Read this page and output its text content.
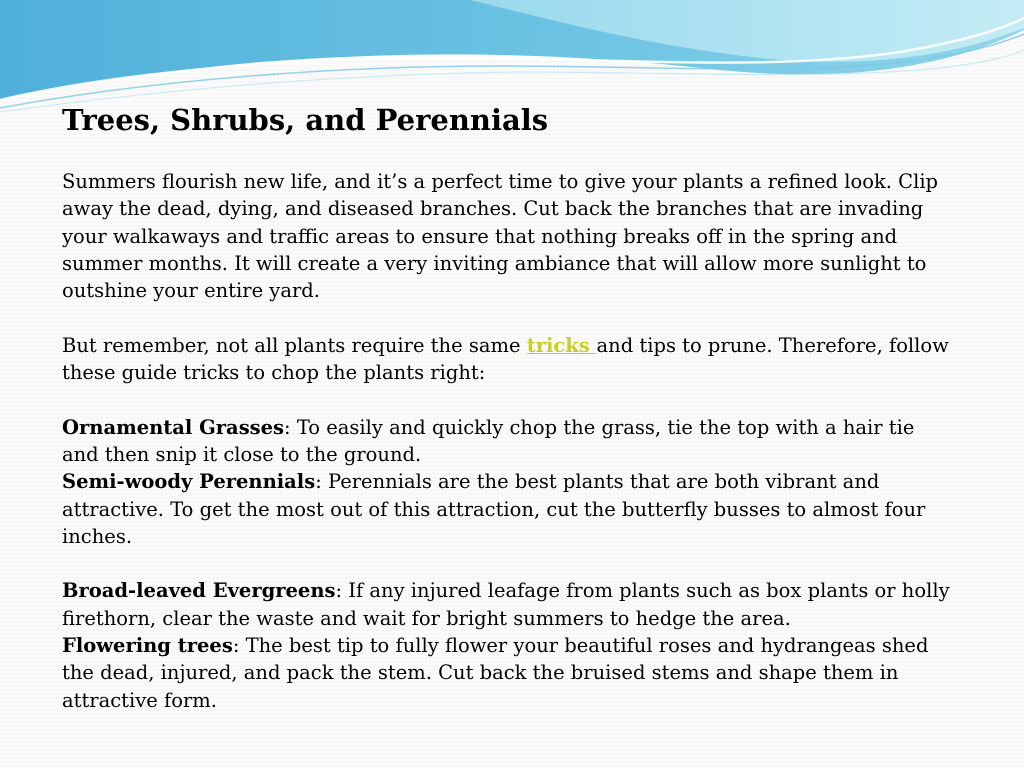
Trees, Shrubs, and Perennials

Summers flourish new life, and it’s a perfect time to give your plants a refined look. Clip

away the dead, dying, and diseased branches. Cut back the branches that are invading

your walkaways and traffic areas to ensure that nothing breaks off in the spring and

summer months. It will create a very inviting ambiance that will allow more sunlight to

outshine your entire yard.

But remember, not all plants require the same tricks and tips to prune. Therefore, follow

these guide tricks to chop the plants right:

Ornamental Grasses: To easily and quickly chop the grass, tie the top with a hair tie

and then snip it close to the ground.

Semi-woody Perennials: Perennials are the best plants that are both vibrant and

attractive. To get the most out of this attraction, cut the butterfly busses to almost four

inches.

Broad-leaved Evergreens: If any injured leafage from plants such as box plants or holly

firethorn, clear the waste and wait for bright summers to hedge the area.

Flowering trees: The best tip to fully flower your beautiful roses and hydrangeas shed

the dead, injured, and pack the stem. Cut back the bruised stems and shape them in

attractive form.
